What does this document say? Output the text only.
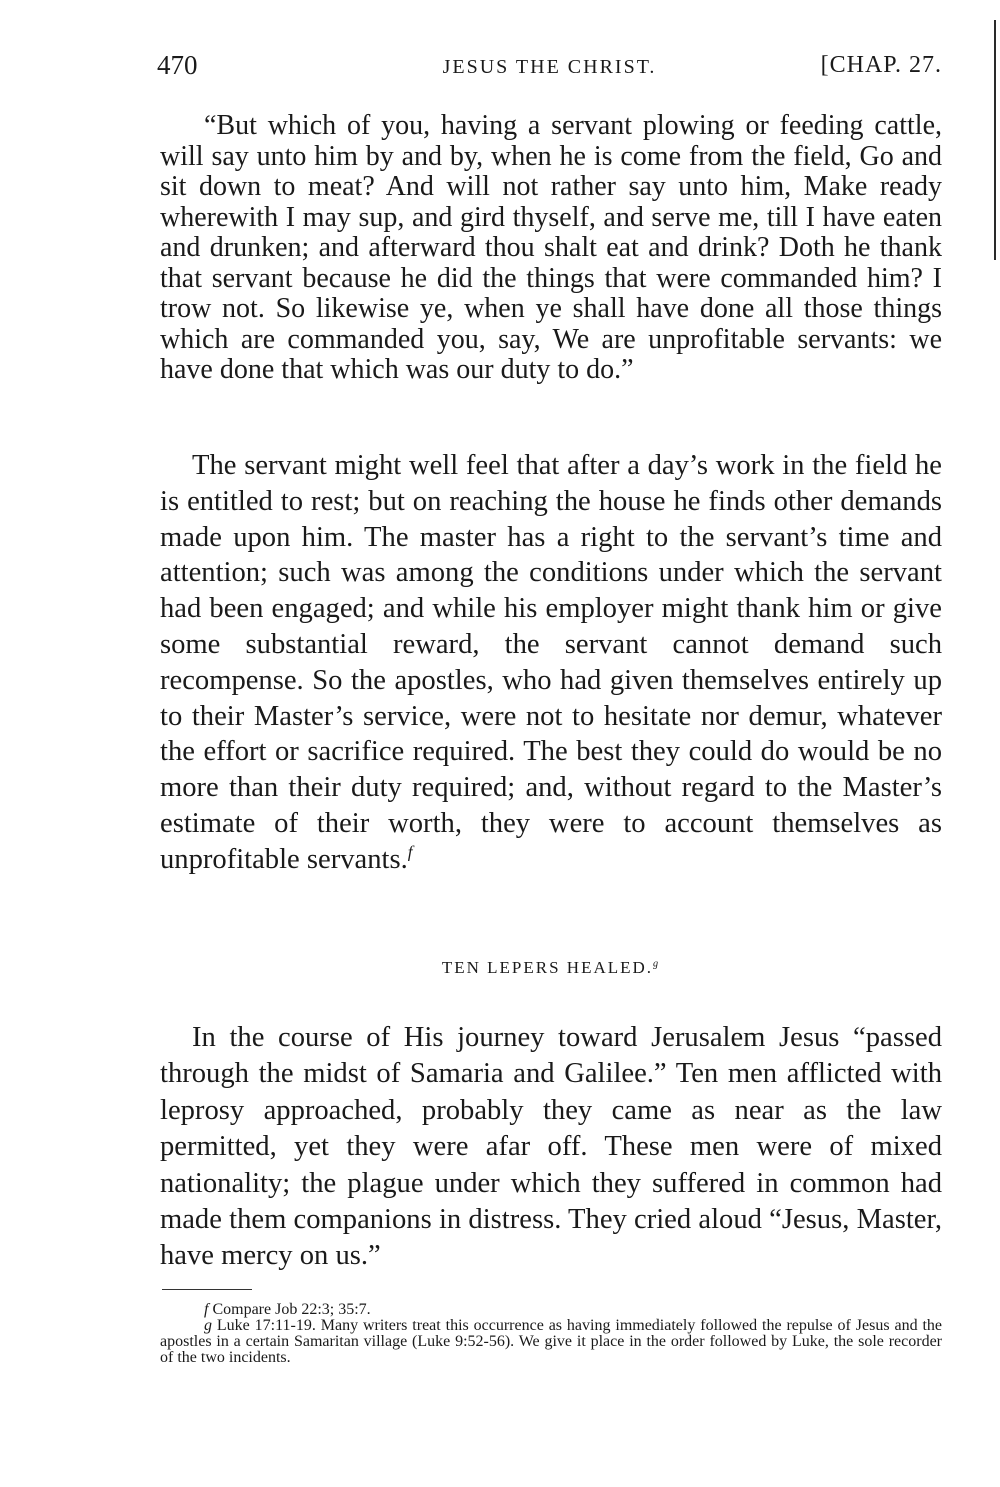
470	JESUS THE CHRIST.	[CHAP. 27.

“But which of you, having a servant plowing or feeding cattle, will say unto him by and by, when he is come from the field, Go and sit down to meat? And will not rather say unto him, Make ready wherewith I may sup, and gird thyself, and serve me, till I have eaten and drunken; and afterward thou shalt eat and drink? Doth he thank that servant because he did the things that were commanded him? I trow not. So likewise ye, when ye shall have done all those things which are commanded you, say, We are unprofitable servants: we have done that which was our duty to do.”

The servant might well feel that after a day’s work in the field he is entitled to rest; but on reaching the house he finds other demands made upon him. The master has a right to the servant’s time and attention; such was among the conditions under which the servant had been engaged; and while his employer might thank him or give some substantial reward, the servant cannot demand such recompense. So the apostles, who had given themselves entirely up to their Master’s service, were not to hesitate nor demur, whatever the effort or sacrifice required. The best they could do would be no more than their duty required; and, without regard to the Master’s estimate of their worth, they were to account themselves as unprofitable servants.$^f$

TEN LEPERS HEALED.$^g$

In the course of His journey toward Jerusalem Jesus “passed through the midst of Samaria and Galilee.” Ten men afflicted with leprosy approached, probably they came as near as the law permitted, yet they were afar off. These men were of mixed nationality; the plague under which they suffered in common had made them companions in distress. They cried aloud “Jesus, Master, have mercy on us.”

f Compare Job 22:3; 35:7.

g Luke 17:11-19. Many writers treat this occurrence as having immediately followed the repulse of Jesus and the apostles in a certain Samaritan village (Luke 9:52-56). We give it place in the order followed by Luke, the sole recorder of the two incidents.
